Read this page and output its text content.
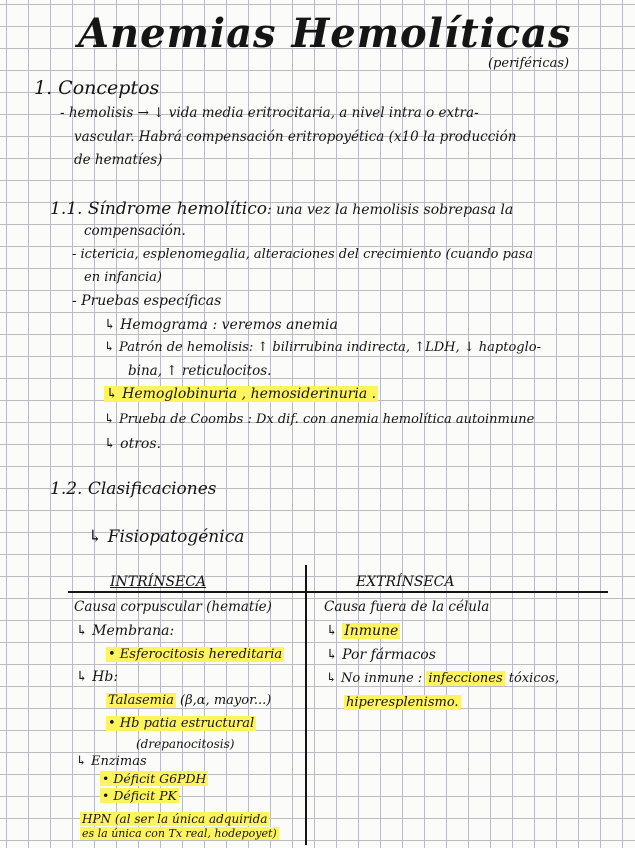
Anemias Hemolíticas
(periféricas)
1. Conceptos
- hemolisis → ↓ vida media eritrocitaria, a nivel intra o extra-
vascular. Habrá compensación eritropoyética (x10 la producción
de hematíes)
1.1. Síndrome hemolítico: una vez la hemolisis sobrepasa la
compensación.
- ictericia, esplenomegalia, alteraciones del crecimiento (cuando pasa
en infancia)
- Pruebas específicas
↳ Hemograma : veremos anemia
↳ Patrón de hemolisis: ↑ bilirrubina indirecta, ↑LDH, ↓ haptoglo-
bina, ↑ reticulocitos.
↳ Hemoglobinuria , hemosiderinuria .
↳ Prueba de Coombs : Dx dif. con anemia hemolítica autoinmune
↳ otros.
1.2. Clasificaciones
↳ Fisiopatogénica
INTRÍNSECA	EXTRÍNSECA
Causa corpuscular (hematíe)
↳ Membrana:
• Esferocitosis hereditaria
↳ Hb:
Talasemia (β,α, mayor...)
• Hb patia estructural
(drepanocitosis)
↳ Enzimas
• Déficit G6PDH
• Déficit PK
HPN (al ser la única adquirida
es la única con Tx real, hodepoyet)
Causa fuera de la célula
↳ Inmune
↳ Por fármacos
↳ No inmune : infecciones tóxicos,
hiperesplenismo.
